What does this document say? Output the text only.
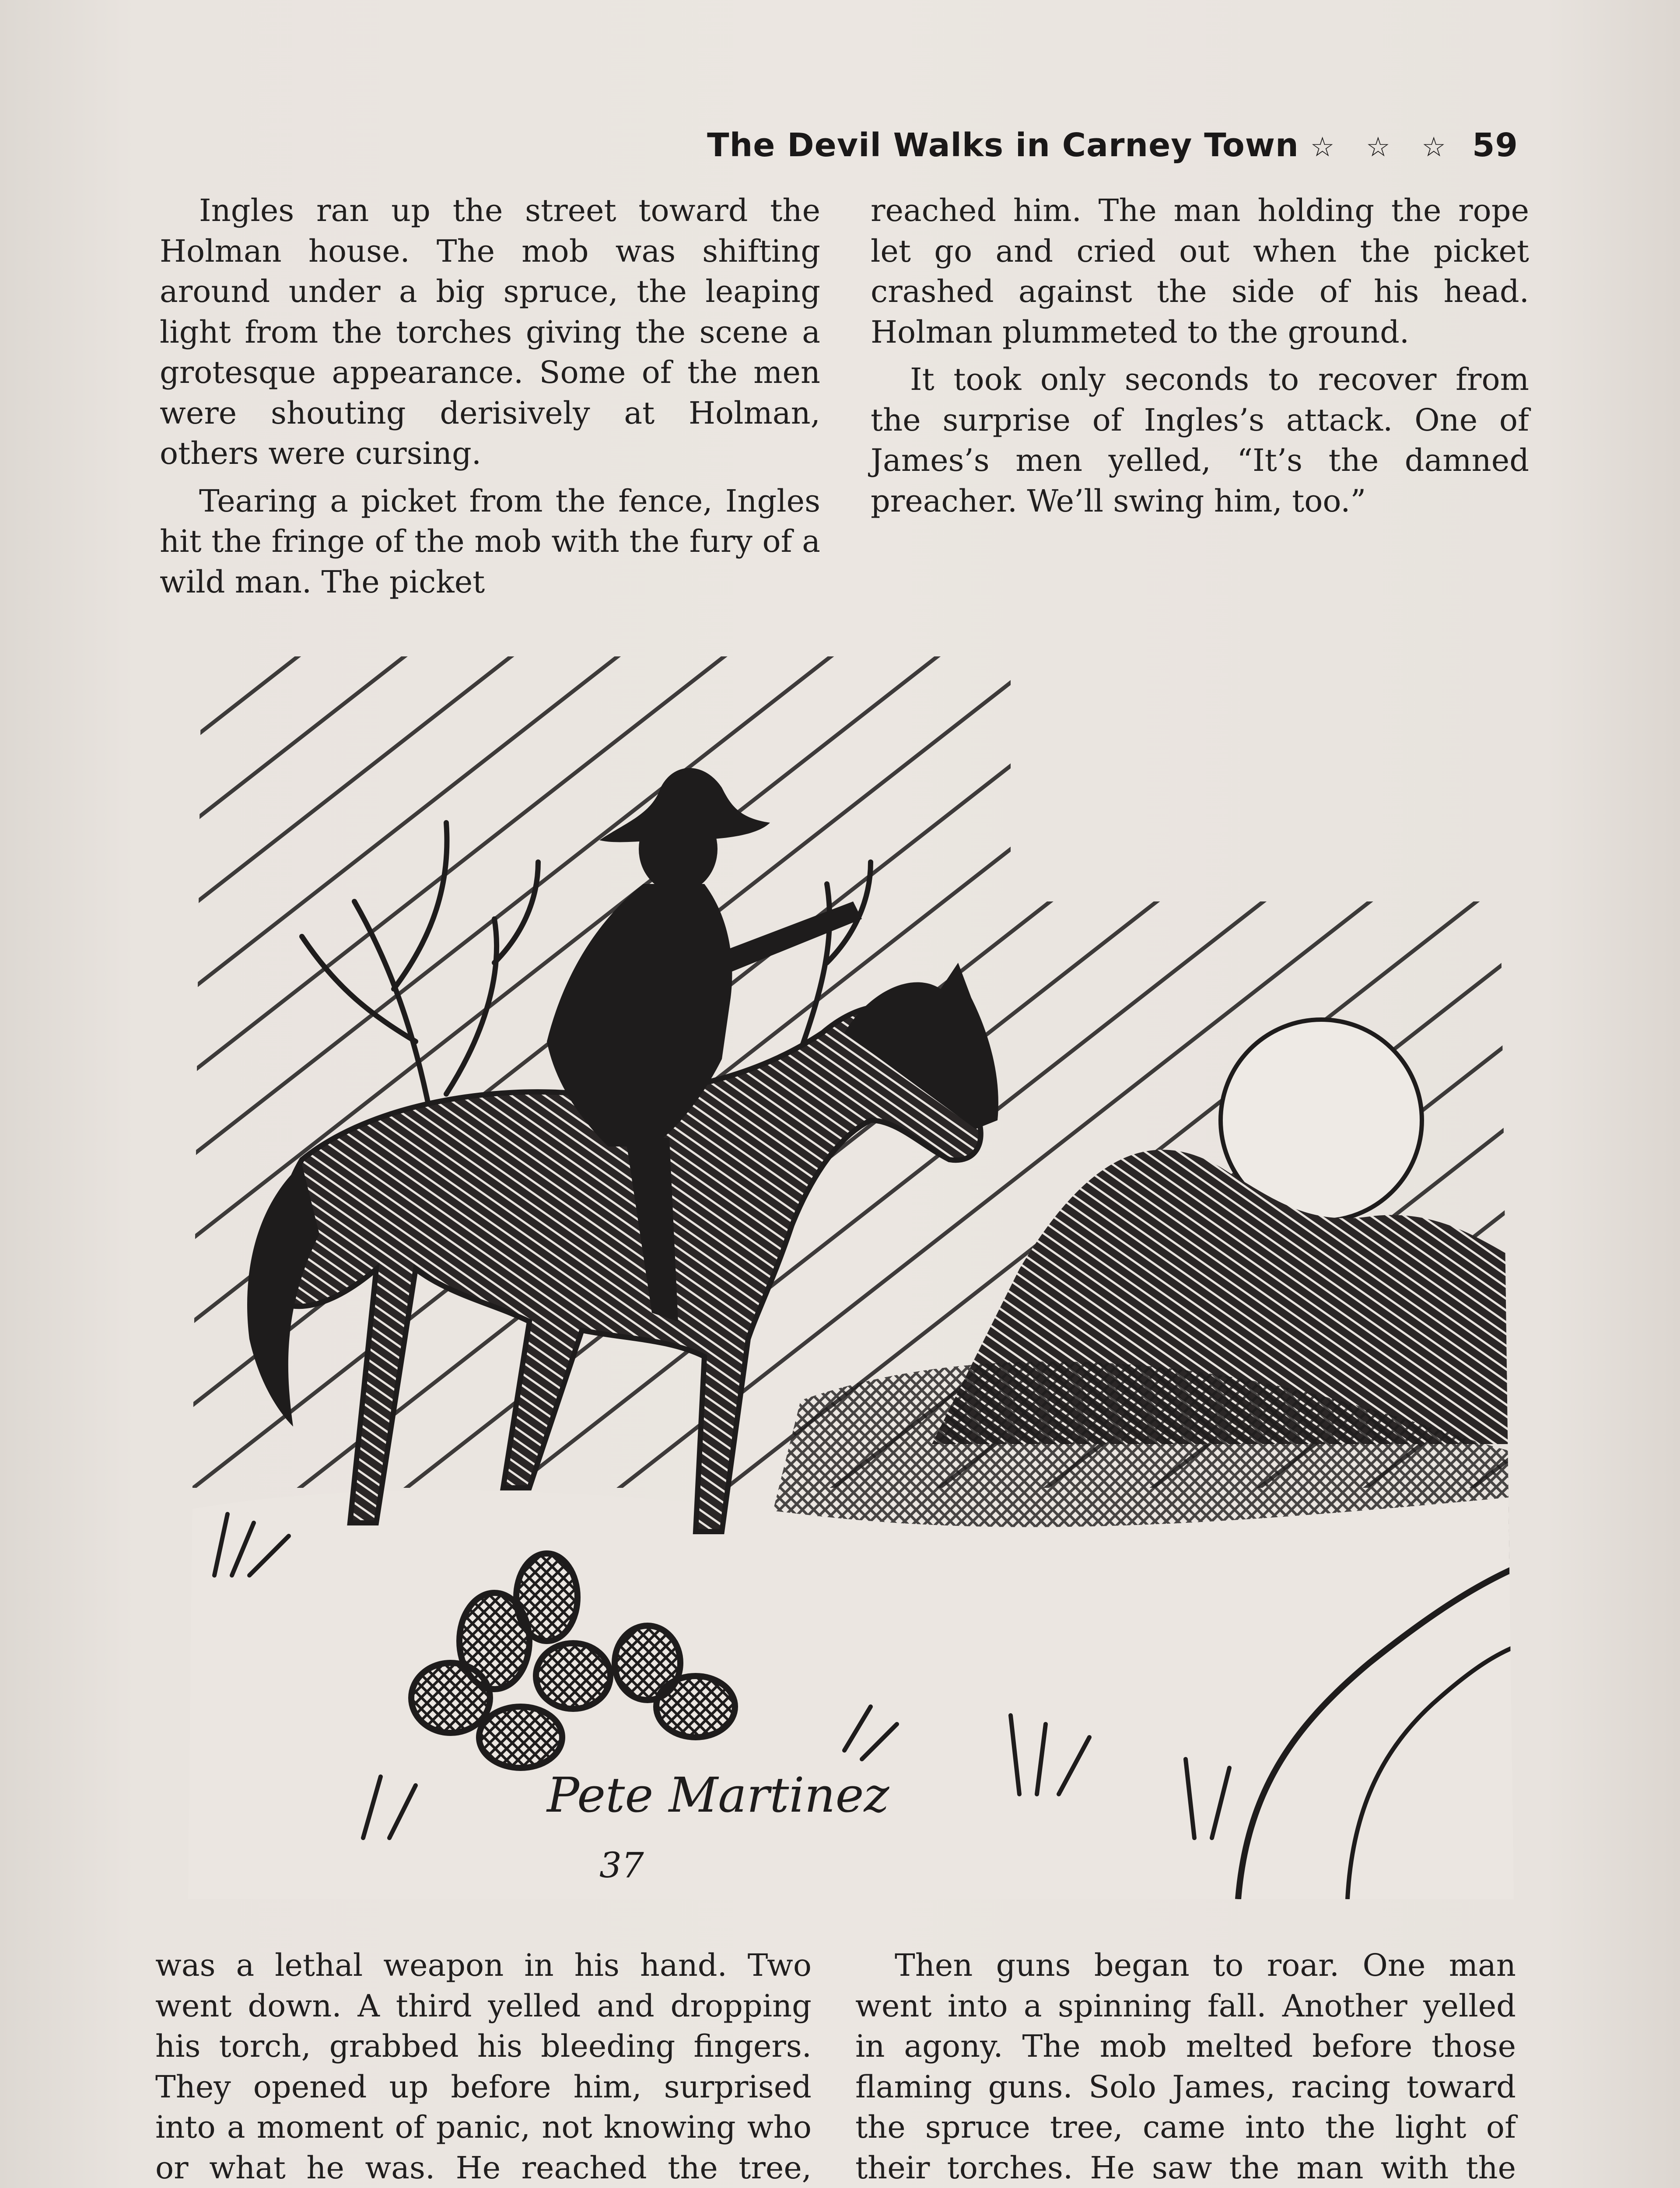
The Devil Walks in Carney Town ☆ ☆ ☆ 59

Ingles ran up the street toward the Holman house. The mob was shifting around under a big spruce, the leaping light from the torches giving the scene a grotesque appearance. Some of the men were shouting derisively at Holman, others were cursing.

Tearing a picket from the fence, Ingles hit the fringe of the mob with the fury of a wild man. The picket

reached him. The man holding the rope let go and cried out when the picket crashed against the side of his head. Holman plummeted to the ground.

It took only seconds to recover from the surprise of Ingles’s attack. One of James’s men yelled, “It’s the damned preacher. We’ll swing him, too.”

Pete Martinez
37

was a lethal weapon in his hand. Two went down. A third yelled and dropping his torch, grabbed his bleeding fingers. They opened up before him, surprised into a moment of panic, not knowing who or what he was. He reached the tree,

Then guns began to roar. One man went into a spinning fall. Another yelled in agony. The mob melted before those flaming guns. Solo James, racing toward the spruce tree, came into the light of their torches. He saw the man with the
